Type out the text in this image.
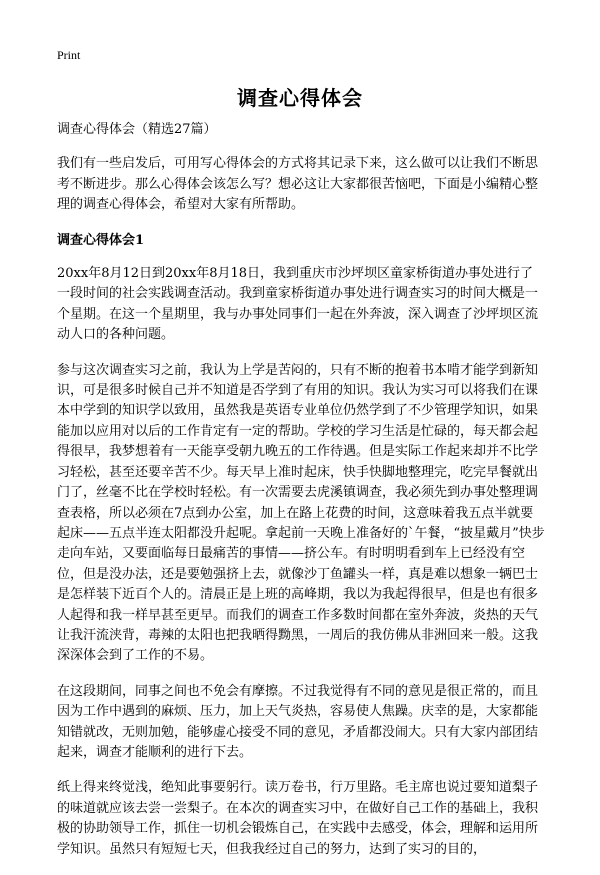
Print
调查心得体会

调查心得体会（精选27篇）

我们有一些启发后，可用写心得体会的方式将其记录下来，这么做可以让我们不断思考不断进步。那么心得体会该怎么写？想必这让大家都很苦恼吧，下面是小编精心整理的调查心得体会，希望对大家有所帮助。

调查心得体会1

20xx年8月12日到20xx年8月18日，我到重庆市沙坪坝区童家桥街道办事处进行了一段时间的社会实践调查活动。我到童家桥街道办事处进行调查实习的时间大概是一个星期。在这一个星期里，我与办事处同事们一起在外奔波，深入调查了沙坪坝区流动人口的各种问题。

参与这次调查实习之前，我认为上学是苦闷的，只有不断的抱着书本啃才能学到新知识，可是很多时候自己并不知道是否学到了有用的知识。我认为实习可以将我们在课本中学到的知识学以致用，虽然我是英语专业单位仍然学到了不少管理学知识，如果能加以应用对以后的工作肯定有一定的帮助。学校的学习生活是忙碌的，每天都会起得很早，我梦想着有一天能享受朝九晚五的工作待遇。但是实际工作起来却并不比学习轻松，甚至还要辛苦不少。每天早上准时起床，快手快脚地整理完，吃完早餐就出门了，丝毫不比在学校时轻松。有一次需要去虎溪镇调查，我必须先到办事处整理调查表格，所以必须在7点到办公室，加上在路上花费的时间，这意味着我五点半就要起床——五点半连太阳都没升起呢。拿起前一天晚上准备好的`午餐，“披星戴月”快步走向车站，又要面临每日最痛苦的事情——挤公车。有时明明看到车上已经没有空位，但是没办法，还是要勉强挤上去，就像沙丁鱼罐头一样，真是难以想象一辆巴士是怎样装下近百个人的。清晨正是上班的高峰期，我以为我起得很早，但是也有很多人起得和我一样早甚至更早。而我们的调查工作多数时间都在室外奔波，炎热的天气让我汗流浃背，毒辣的太阳也把我晒得黝黑，一周后的我仿佛从非洲回来一般。这我深深体会到了工作的不易。

在这段期间，同事之间也不免会有摩擦。不过我觉得有不同的意见是很正常的，而且因为工作中遇到的麻烦、压力，加上天气炎热，容易使人焦躁。庆幸的是，大家都能知错就改，无则加勉，能够虚心接受不同的意见，矛盾都没闹大。只有大家内部团结起来，调查才能顺利的进行下去。

纸上得来终觉浅，绝知此事要躬行。读万卷书，行万里路。毛主席也说过要知道梨子的味道就应该去尝一尝梨子。在本次的调查实习中，在做好自己工作的基础上，我积极的协助领导工作，抓住一切机会锻炼自己，在实践中去感受，体会，理解和运用所学知识。虽然只有短短七天，但我我经过自己的努力，达到了实习的目的，
